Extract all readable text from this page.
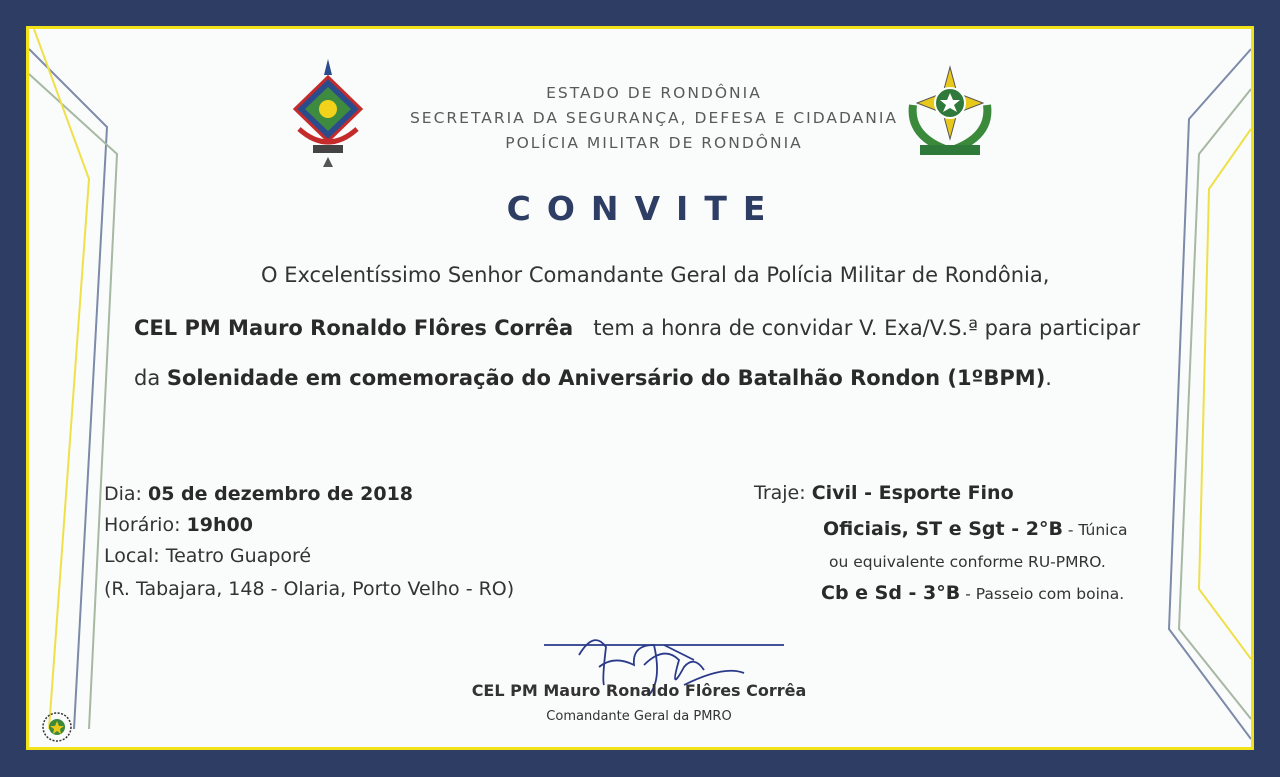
ESTADO DE RONDÔNIA
SECRETARIA DA SEGURANÇA, DEFESA E CIDADANIA
POLÍCIA MILITAR DE RONDÔNIA
CONVITE
O Excelentíssimo Senhor Comandante Geral da Polícia Militar de Rondônia,
CEL PM Mauro Ronaldo Flôres Corrêa tem a honra de convidar V. Exa/V.S.ª para participar
da Solenidade em comemoração do Aniversário do Batalhão Rondon (1ºBPM).
Dia: 05 de dezembro de 2018
Horário: 19h00
Local: Teatro Guaporé
(R. Tabajara, 148 - Olaria, Porto Velho - RO)
Traje: Civil - Esporte Fino
Oficiais, ST e Sgt - 2°B - Túnica
ou equivalente conforme RU-PMRO.
Cb e Sd - 3°B - Passeio com boina.
CEL PM Mauro Ronaldo Flôres Corrêa
Comandante Geral da PMRO
